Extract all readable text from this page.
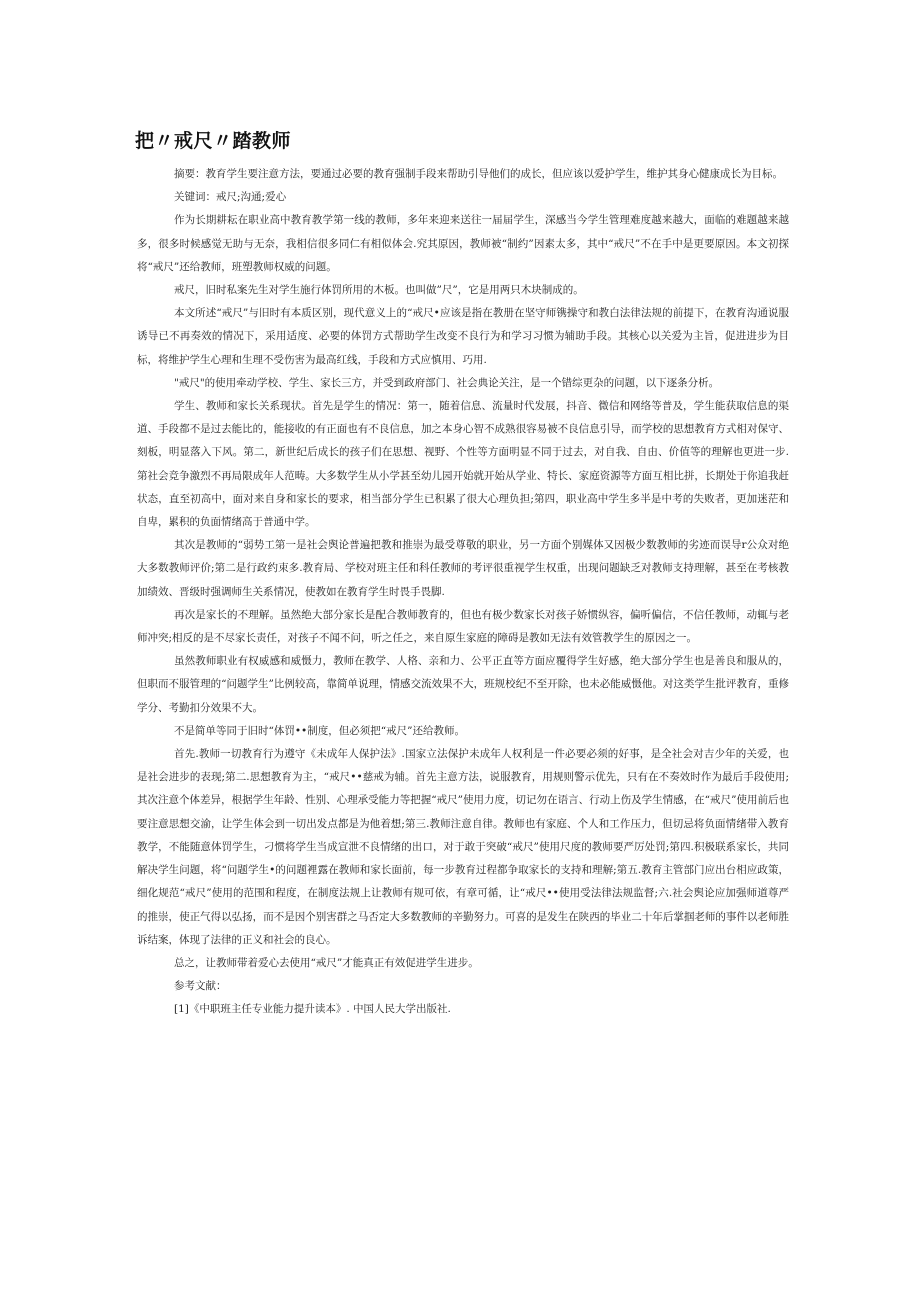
把〃戒尺〃踏教师

摘要：教育学生要注意方法，要通过必要的教育强制手段来帮助引导他们的成长，但应该以爱护学生，维护其身心健康成长为目标。

关键词：戒尺;沟通;爱心

作为长期耕耘在职业高中教育教学第一线的教师，多年来迎来送往一届届学生，深感当今学生管理难度越来越大，面临的难题越来越多，很多时候感觉无助与无奈，我相信很多同仁有相似体会.究其原因，教师被“制约”因素太多，其中“戒尺”不在手中是更要原因。本文初探将“戒尺”还给教师，班塑教师权威的问题。

戒尺，旧时私案先生对学生施行体罚所用的木板。也叫做”尺”，它是用两只木块制成的。

本文所述“戒尺”与旧时有本质区别，现代意义上的“戒尺•应该是指在教册在坚守师镌操守和教白法律法规的前提下，在教育沟通说服诱导已不再奏效的情况下，采用适度、必要的体罚方式帮助学生改变不良行为和学习习惯为辅助手段。其核心以关爱为主旨，促进进步为目标，将维护学生心理和生理不受伤害为最高红线，手段和方式应慎用、巧用.

"戒尺"的使用牵动学校、学生、家长三方，并受到政府部门、社会典论关注，是一个错综更杂的问题，以下逐条分析。

学生、教师和家长关系现状。首先是学生的情况：第一，随着信息、流量时代发展，抖音、微信和网络等普及，学生能获取信息的渠道、手段都不是过去能比的，能接收的有正面也有不良信息，加之本身心智不成熟很容易被不良信息引导，而学校的思想教育方式相对保守、刻板，明显落入下风。第二，新世纪后成长的孩子们在思想、视野、个性等方面明显不同于过去，对自我、自由、价值等的理解也更进一步.第社会竞争激烈不再局限成年人范畴。大多数学生从小学甚至幼儿园开始就开始从学业、特长、家庭资源等方面互相比拼，长期处于你追我赶状态，直至初高中，面对来自身和家长的要求，相当部分学生已积累了很大心理负担;第四，职业高中学生多半是中考的失败者，更加迷茫和自卑，累积的负面情绪高于普通中学。

其次是教师的“弱势工第一是社会舆论普遍把教和推崇为最受尊敬的职业，另一方面个别媒体又因极少数教师的劣迹而误导r公众对绝大多数教师评价;第二是行政约束多.教育局、学校对班主任和科任教师的考评很重视学生权重，出现问题缺乏对教师支持理解，甚至在考核教加绩效、晋级时强调师生关系情况，使教如在教育学生时畏手畏脚.

再次是家长的不理解。虽然绝大部分家长是配合教师教育的，但也有极少数家长对孩子娇惯纵容，偏听偏信，不信任教师，动辄与老师冲突;相反的是不尽家长责任，对孩子不闻不问，听之任之，来自原生家庭的障碍是教如无法有效管教学生的原因之一。

虽然教师职业有权威感和威慑力，教师在教学、人格、亲和力、公平正直等方面应覆得学生好感，绝大部分学生也是善良和服从的，但职而不服管理的“问题学生”比例较高，靠简单说理，情感交流效果不大，班规校纪不至开除，也未必能威慑他。对这类学生批评教育，重修学分、考勤扣分效果不大。

不是简单等同于旧时“体罚••制度，但必须把“戒尺”还给教师。

首先.教师一切教育行为遵守《未成年人保护法》.国家立法保护未成年人权利是一件必要必须的好事，是全社会对吉少年的关爱，也是社会进步的表现;第二.思想教育为主，“戒尺••慈戒为辅。首先主意方法，说服教育，用规则警示优先，只有在不奏效时作为最后手段使用;其次注意个体差异，根据学生年龄、性别、心理承受能力等把握“戒尺”使用力度，切记勿在语言、行动上伤及学生情感，在“戒尺”使用前后也要注意思想交渝，让学生体会到一切出发点都是为他着想;第三.教师注意自律。教师也有家庭、个人和工作压力，但切忌将负面情绪带入教育教学，不能随意体罚学生，刁惯将学生当成宣泄不良情绪的出口，对于敢于突破“戒尺”使用尺度的教师要严厉处罚;第四.积极联系家长，共同解决学生问题，将“问题学生•的问题裡露在教师和家长面前，每一步教育过程都争取家长的支持和理解;第五.教育主管部门应出台相应政策，细化规范“戒尺”使用的范围和程度，在制度法规上让教师有规可依，有章可循，让“戒尺••使用受法律法规监督;六.社会舆论应加强师道尊严的推崇，使正气得以弘扬，而不是因个别害群之马否定大多数教师的辛勤努力。可喜的是发生在陕西的毕业二十年后掌掴老师的事件以老师胜诉结案，体现了法律的正义和社会的良心。

总之，让教师带着爱心去使用“戒尺”才能真正有效促进学生进步。

参考文献：

[1]《中职班主任专业能力提升读本》. 中国人民大学出版社.
